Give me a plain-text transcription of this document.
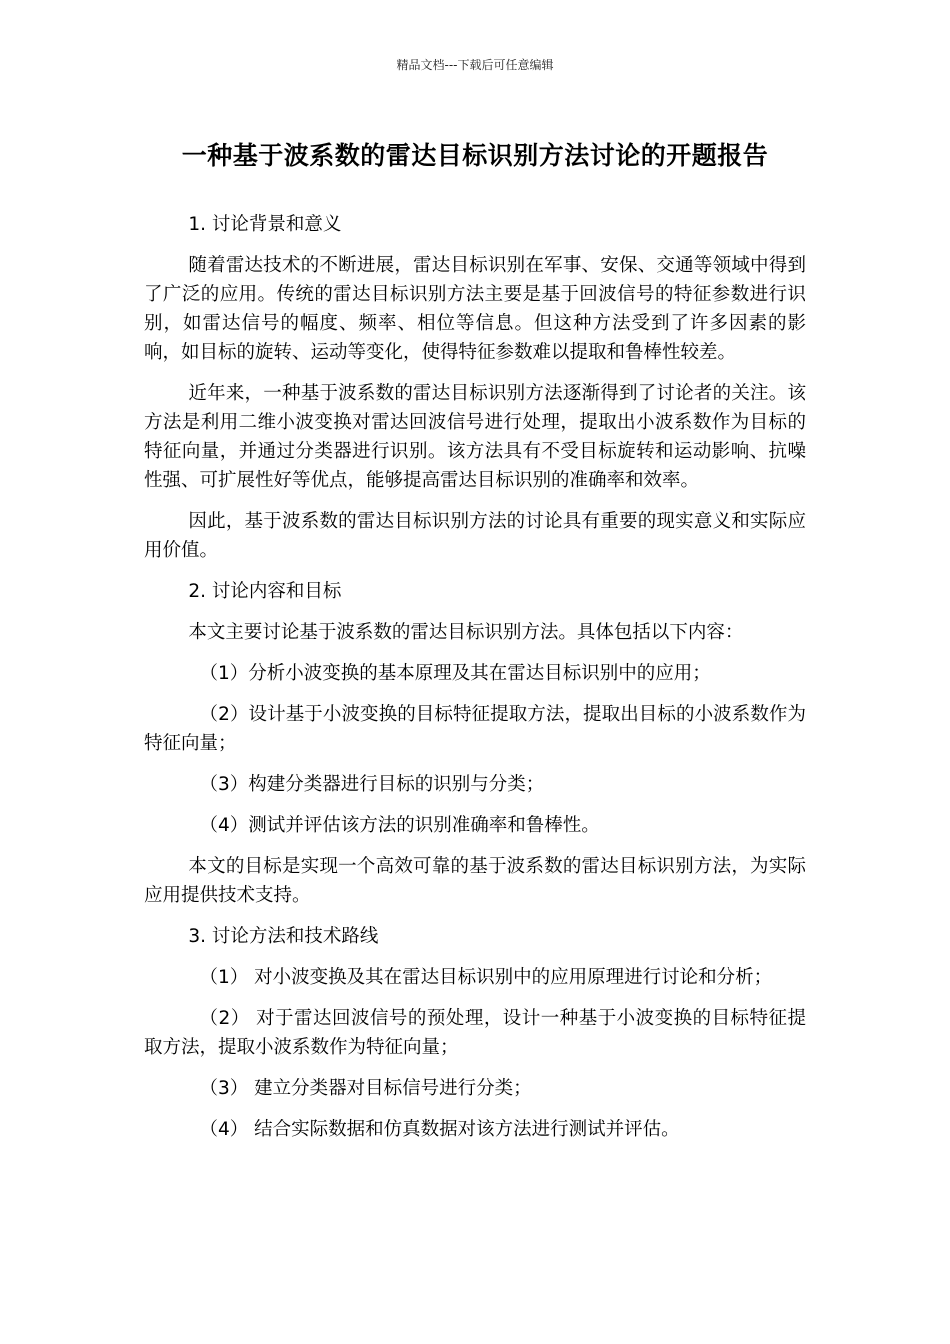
精品文档---下载后可任意编辑
一种基于波系数的雷达目标识别方法讨论的开题报告

1. 讨论背景和意义

随着雷达技术的不断进展，雷达目标识别在军事、安保、交通等领域中得到了广泛的应用。传统的雷达目标识别方法主要是基于回波信号的特征参数进行识别，如雷达信号的幅度、频率、相位等信息。但这种方法受到了许多因素的影响，如目标的旋转、运动等变化，使得特征参数难以提取和鲁棒性较差。

近年来，一种基于波系数的雷达目标识别方法逐渐得到了讨论者的关注。该方法是利用二维小波变换对雷达回波信号进行处理，提取出小波系数作为目标的特征向量，并通过分类器进行识别。该方法具有不受目标旋转和运动影响、抗噪性强、可扩展性好等优点，能够提高雷达目标识别的准确率和效率。

因此，基于波系数的雷达目标识别方法的讨论具有重要的现实意义和实际应用价值。

2. 讨论内容和目标

本文主要讨论基于波系数的雷达目标识别方法。具体包括以下内容：

（1）分析小波变换的基本原理及其在雷达目标识别中的应用；

（2）设计基于小波变换的目标特征提取方法，提取出目标的小波系数作为特征向量；

（3）构建分类器进行目标的识别与分类；

（4）测试并评估该方法的识别准确率和鲁棒性。

本文的目标是实现一个高效可靠的基于波系数的雷达目标识别方法，为实际应用提供技术支持。

3. 讨论方法和技术路线

（1） 对小波变换及其在雷达目标识别中的应用原理进行讨论和分析；

（2） 对于雷达回波信号的预处理，设计一种基于小波变换的目标特征提取方法，提取小波系数作为特征向量；

（3） 建立分类器对目标信号进行分类；

（4） 结合实际数据和仿真数据对该方法进行测试并评估。
